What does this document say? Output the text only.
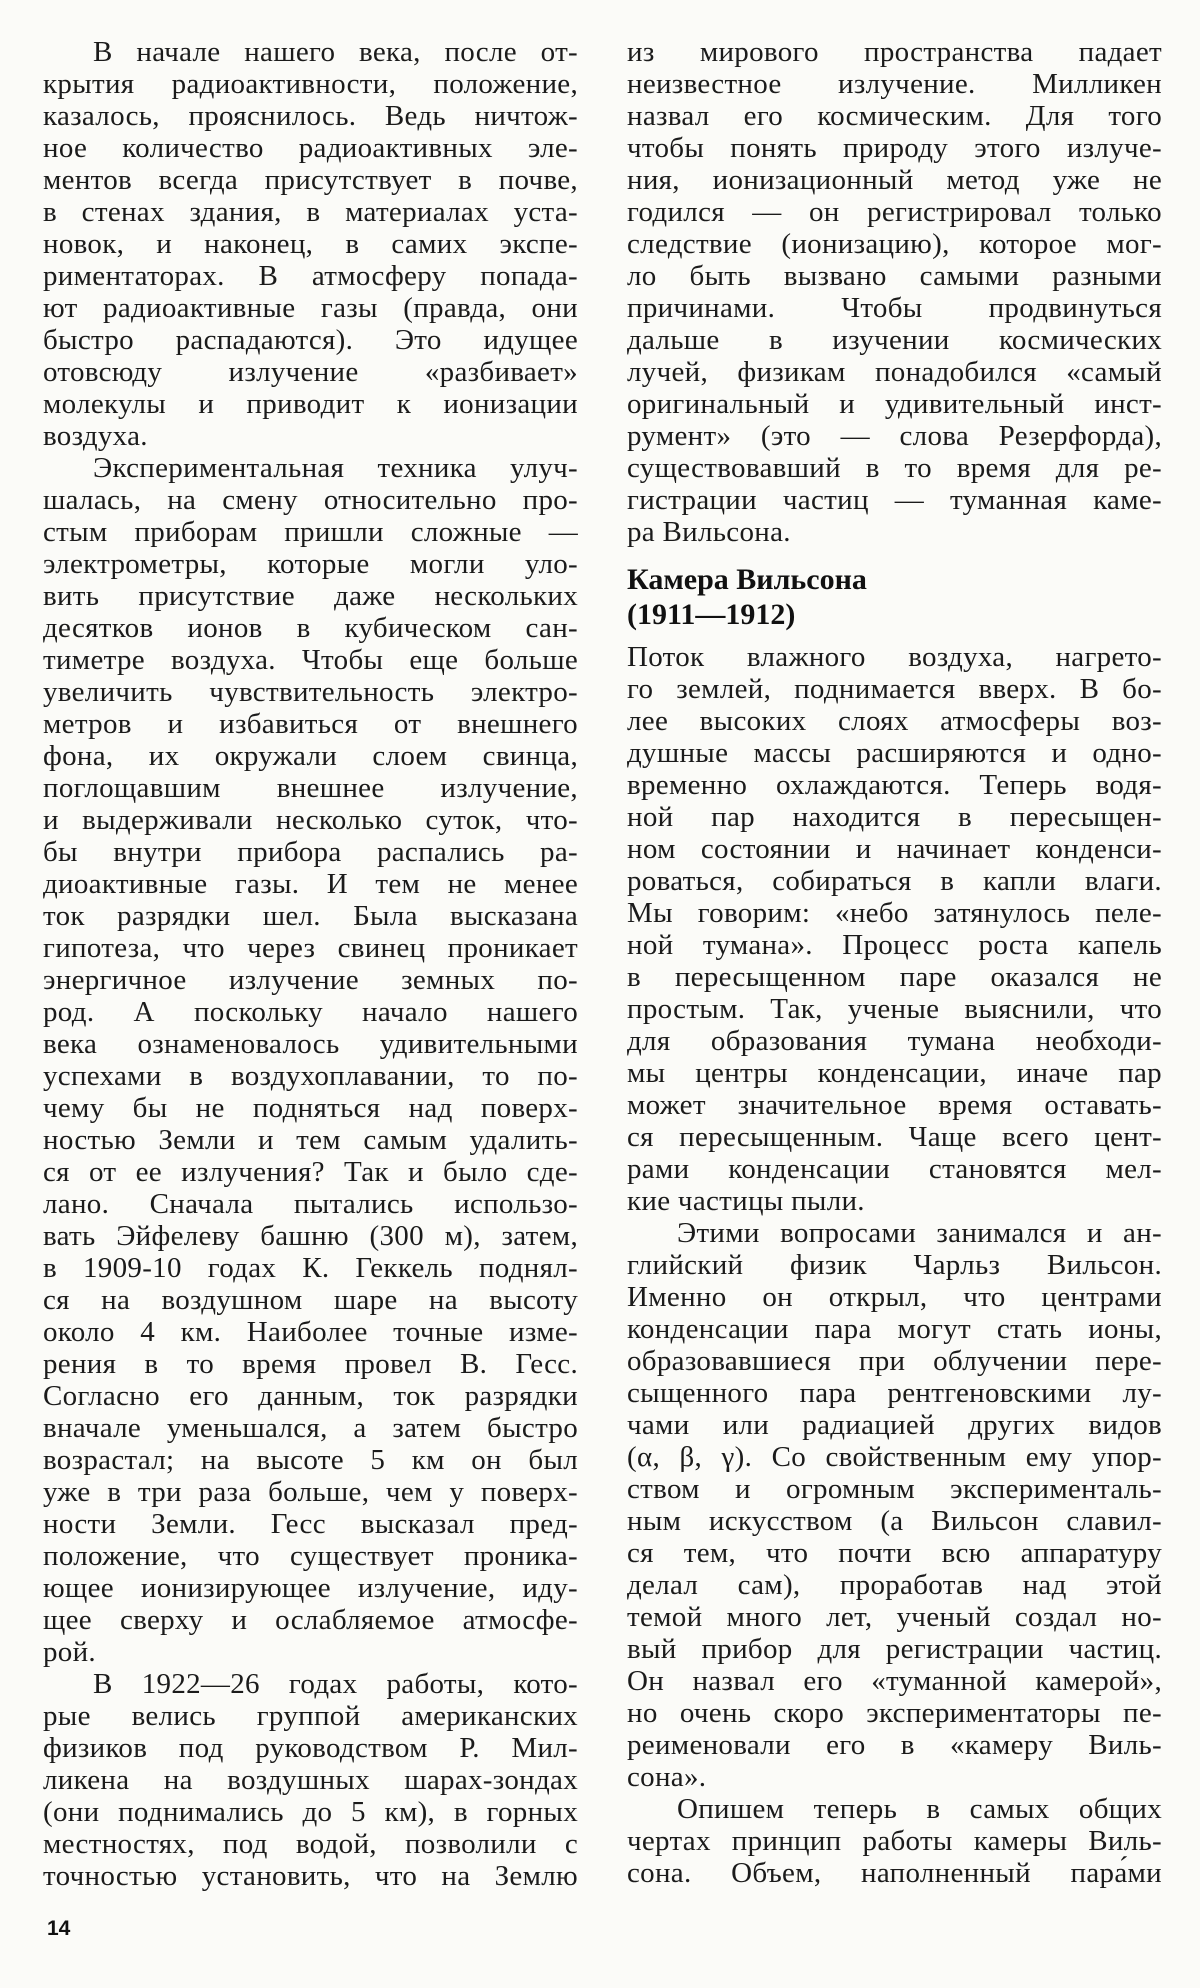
В начале нашего века, после от-
крытия радиоактивности, положение,
казалось, прояснилось. Ведь ничтож-
ное количество радиоактивных эле-
ментов всегда присутствует в почве,
в стенах здания, в материалах уста-
новок, и наконец, в самих экспе-
риментаторах. В атмосферу попада-
ют радиоактивные газы (правда, они
быстро распадаются). Это идущее
отовсюду излучение «разбивает»
молекулы и приводит к ионизации
воздуха.
Экспериментальная техника улуч-
шалась, на смену относительно про-
стым приборам пришли сложные —
электрометры, которые могли уло-
вить присутствие даже нескольких
десятков ионов в кубическом сан-
тиметре воздуха. Чтобы еще больше
увеличить чувствительность электро-
метров и избавиться от внешнего
фона, их окружали слоем свинца,
поглощавшим внешнее излучение,
и выдерживали несколько суток, что-
бы внутри прибора распались ра-
диоактивные газы. И тем не менее
ток разрядки шел. Была высказана
гипотеза, что через свинец проникает
энергичное излучение земных по-
род. А поскольку начало нашего
века ознаменовалось удивительными
успехами в воздухоплавании, то по-
чему бы не подняться над поверх-
ностью Земли и тем самым удалить-
ся от ее излучения? Так и было сде-
лано. Сначала пытались использо-
вать Эйфелеву башню (300 м), затем,
в 1909-10 годах К. Геккель поднял-
ся на воздушном шаре на высоту
около 4 км. Наиболее точные изме-
рения в то время провел В. Гесс.
Согласно его данным, ток разрядки
вначале уменьшался, а затем быстро
возрастал; на высоте 5 км он был
уже в три раза больше, чем у поверх-
ности Земли. Гесс высказал пред-
положение, что существует проника-
ющее ионизирующее излучение, иду-
щее сверху и ослабляемое атмосфе-
рой.
В 1922—26 годах работы, кото-
рые велись группой американских
физиков под руководством Р. Мил-
ликена на воздушных шарах-зондах
(они поднимались до 5 км), в горных
местностях, под водой, позволили с
точностью установить, что на Землю
Камера Вильсона
(1911—1912)
из мирового пространства падает
неизвестное излучение. Милликен
назвал его космическим. Для того
чтобы понять природу этого излуче-
ния, ионизационный метод уже не
годился — он регистрировал только
следствие (ионизацию), которое мог-
ло быть вызвано самыми разными
причинами. Чтобы продвинуться
дальше в изучении космических
лучей, физикам понадобился «самый
оригинальный и удивительный инст-
румент» (это — слова Резерфорда),
существовавший в то время для ре-
гистрации частиц — туманная каме-
ра Вильсона.
Поток влажного воздуха, нагрето-
го землей, поднимается вверх. В бо-
лее высоких слоях атмосферы воз-
душные массы расширяются и одно-
временно охлаждаются. Теперь водя-
ной пар находится в пересыщен-
ном состоянии и начинает конденси-
роваться, собираться в капли влаги.
Мы говорим: «небо затянулось пеле-
ной тумана». Процесс роста капель
в пересыщенном паре оказался не
простым. Так, ученые выяснили, что
для образования тумана необходи-
мы центры конденсации, иначе пар
может значительное время оставать-
ся пересыщенным. Чаще всего цент-
рами конденсации становятся мел-
кие частицы пыли.
Этими вопросами занимался и ан-
глийский физик Чарльз Вильсон.
Именно он открыл, что центрами
конденсации пара могут стать ионы,
образовавшиеся при облучении пере-
сыщенного пара рентгеновскими лу-
чами или радиацией других видов
(α, β, γ). Со свойственным ему упор-
ством и огромным эксперименталь-
ным искусством (а Вильсон славил-
ся тем, что почти всю аппаратуру
делал сам), проработав над этой
темой много лет, ученый создал но-
вый прибор для регистрации частиц.
Он назвал его «туманной камерой»,
но очень скоро экспериментаторы пе-
реименовали его в «камеру Виль-
сона».
Опишем теперь в самых общих
чертах принцип работы камеры Виль-
сона. Объем, наполненный пара́ми
14
